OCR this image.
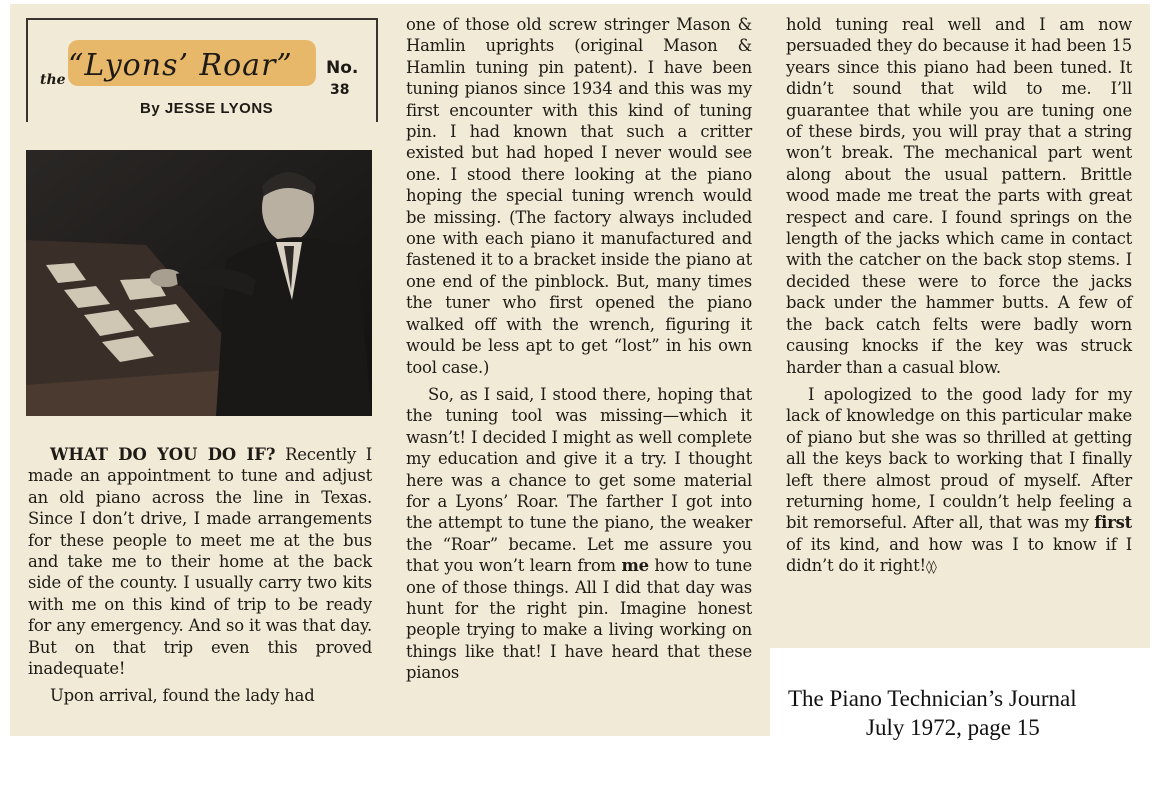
the “Lyons’ Roar” No.
38
By JESSE LYONS

WHAT DO YOU DO IF? Recently I made an appointment to tune and adjust an old piano across the line in Texas. Since I don’t drive, I made arrangements for these people to meet me at the bus and take me to their home at the back side of the county. I usually carry two kits with me on this kind of trip to be ready for any emergency. And so it was that day. But on that trip even this proved inadequate!

Upon arrival, found the lady had

one of those old screw stringer Mason & Hamlin uprights (original Mason & Hamlin tuning pin patent). I have been tuning pianos since 1934 and this was my first encounter with this kind of tuning pin. I had known that such a critter existed but had hoped I never would see one. I stood there looking at the piano hoping the special tuning wrench would be missing. (The factory always included one with each piano it manufactured and fastened it to a bracket inside the piano at one end of the pinblock. But, many times the tuner who first opened the piano walked off with the wrench, figuring it would be less apt to get “lost” in his own tool case.)

So, as I said, I stood there, hoping that the tuning tool was missing—which it wasn’t! I decided I might as well complete my education and give it a try. I thought here was a chance to get some material for a Lyons’ Roar. The farther I got into the attempt to tune the piano, the weaker the “Roar” became. Let me assure you that you won’t learn from me how to tune one of those things. All I did that day was hunt for the right pin. Imagine honest people trying to make a living working on things like that! I have heard that these pianos

hold tuning real well and I am now persuaded they do because it had been 15 years since this piano had been tuned. It didn’t sound that wild to me. I’ll guarantee that while you are tuning one of these birds, you will pray that a string won’t break. The mechanical part went along about the usual pattern. Brittle wood made me treat the parts with great respect and care. I found springs on the length of the jacks which came in contact with the catcher on the back stop stems. I decided these were to force the jacks back under the hammer butts. A few of the back catch felts were badly worn causing knocks if the key was struck harder than a casual blow.

I apologized to the good lady for my lack of knowledge on this particular make of piano but she was so thrilled at getting all the keys back to working that I finally left there almost proud of myself. After returning home, I couldn’t help feeling a bit remorseful. After all, that was my first of its kind, and how was I to know if I didn’t do it right!◊◊

The Piano Technician’s Journal
July 1972, page 15
